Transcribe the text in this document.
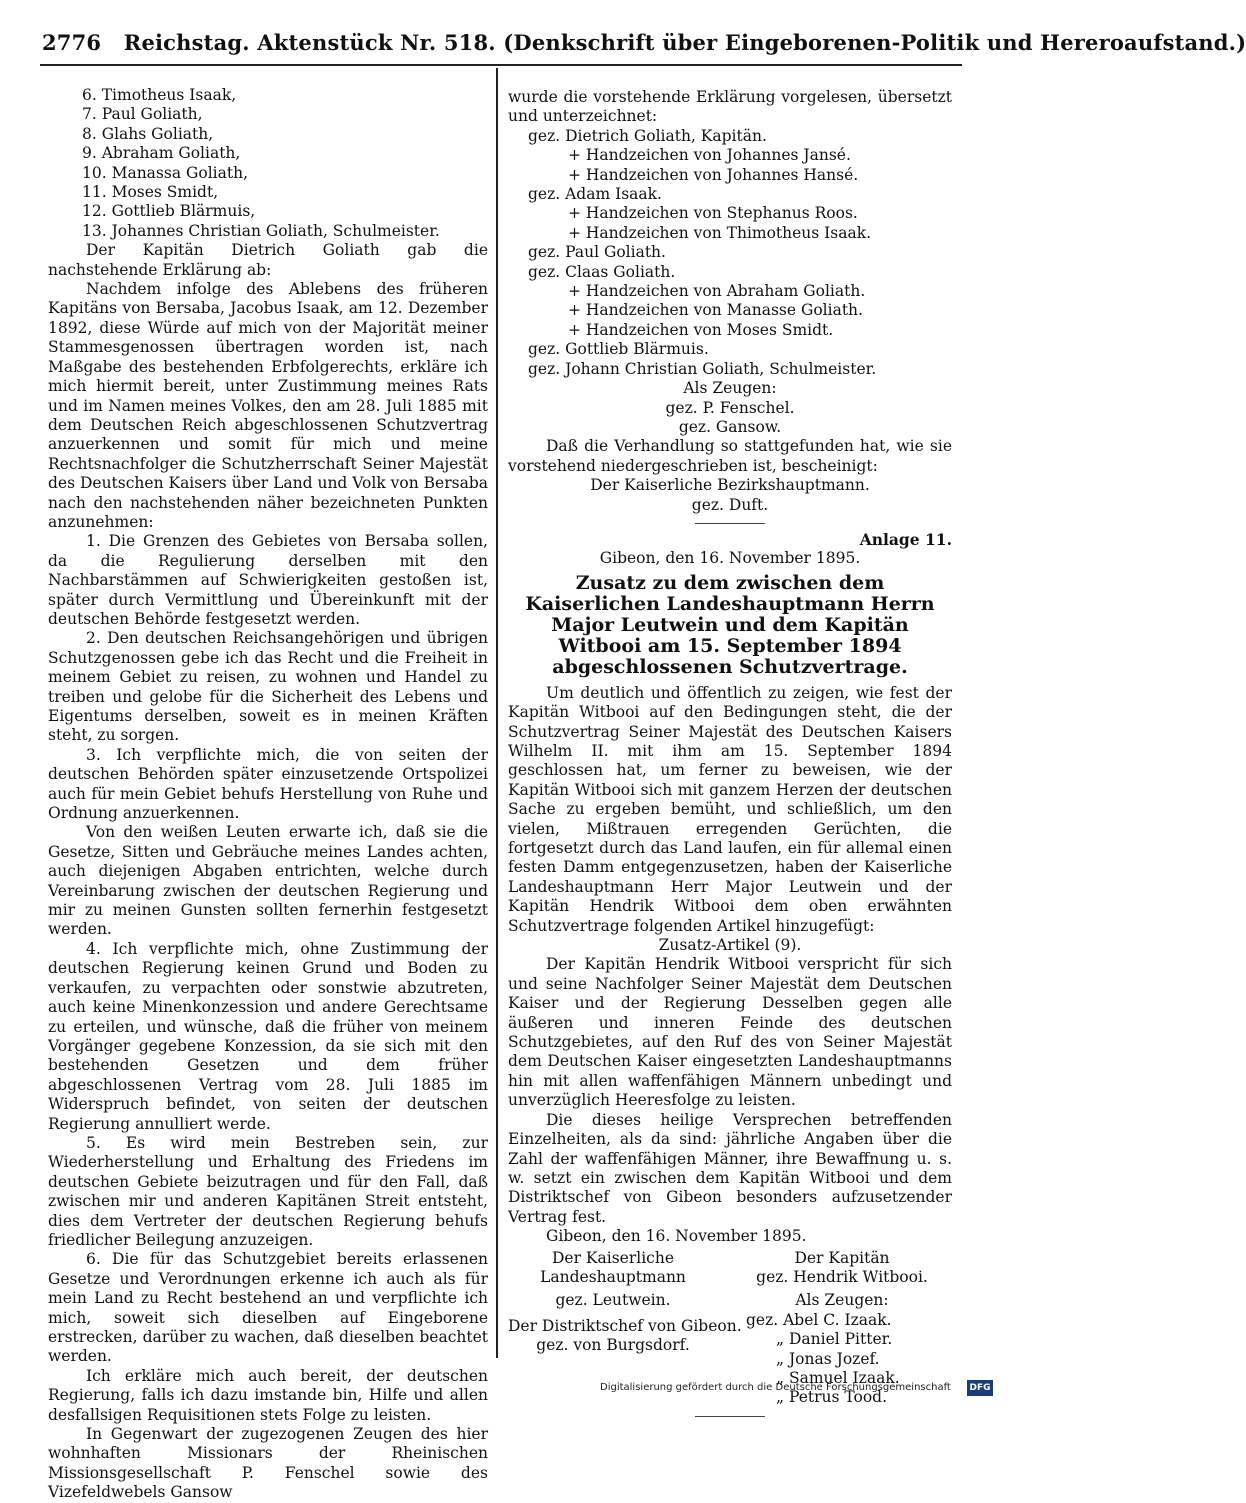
2776 Reichstag. Aktenstück Nr. 518. (Denkschrift über Eingeborenen-Politik und Hereroaufstand.)
6. Timotheus Isaak,
7. Paul Goliath,
8. Glahs Goliath,
9. Abraham Goliath,
10. Manassa Goliath,
11. Moses Smidt,
12. Gottlieb Blärmuis,
13. Johannes Christian Goliath, Schulmeister.

Der Kapitän Dietrich Goliath gab die nachstehende Erklärung ab:

Nachdem infolge des Ablebens des früheren Kapitäns von Bersaba, Jacobus Isaak, am 12. Dezember 1892, diese Würde auf mich von der Majorität meiner Stammesgenossen übertragen worden ist, nach Maßgabe des bestehenden Erbfolgerechts, erkläre ich mich hiermit bereit, unter Zustimmung meines Rats und im Namen meines Volkes, den am 28. Juli 1885 mit dem Deutschen Reich abgeschlossenen Schutzvertrag anzuerkennen und somit für mich und meine Rechtsnachfolger die Schutzherrschaft Seiner Majestät des Deutschen Kaisers über Land und Volk von Bersaba nach den nachstehenden näher bezeichneten Punkten anzunehmen:

1. Die Grenzen des Gebietes von Bersaba sollen, da die Regulierung derselben mit den Nachbarstämmen auf Schwierigkeiten gestoßen ist, später durch Vermittlung und Übereinkunft mit der deutschen Behörde festgesetzt werden.

2. Den deutschen Reichsangehörigen und übrigen Schutzgenossen gebe ich das Recht und die Freiheit in meinem Gebiet zu reisen, zu wohnen und Handel zu treiben und gelobe für die Sicherheit des Lebens und Eigentums derselben, soweit es in meinen Kräften steht, zu sorgen.

3. Ich verpflichte mich, die von seiten der deutschen Behörden später einzusetzende Ortspolizei auch für mein Gebiet behufs Herstellung von Ruhe und Ordnung anzuerkennen.

Von den weißen Leuten erwarte ich, daß sie die Gesetze, Sitten und Gebräuche meines Landes achten, auch diejenigen Abgaben entrichten, welche durch Vereinbarung zwischen der deutschen Regierung und mir zu meinen Gunsten sollten fernerhin festgesetzt werden.

4. Ich verpflichte mich, ohne Zustimmung der deutschen Regierung keinen Grund und Boden zu verkaufen, zu verpachten oder sonstwie abzutreten, auch keine Minenkonzession und andere Gerechtsame zu erteilen, und wünsche, daß die früher von meinem Vorgänger gegebene Konzession, da sie sich mit den bestehenden Gesetzen und dem früher abgeschlossenen Vertrag vom 28. Juli 1885 im Widerspruch befindet, von seiten der deutschen Regierung annulliert werde.

5. Es wird mein Bestreben sein, zur Wiederherstellung und Erhaltung des Friedens im deutschen Gebiete beizutragen und für den Fall, daß zwischen mir und anderen Kapitänen Streit entsteht, dies dem Vertreter der deutschen Regierung behufs friedlicher Beilegung anzuzeigen.

6. Die für das Schutzgebiet bereits erlassenen Gesetze und Verordnungen erkenne ich auch als für mein Land zu Recht bestehend an und verpflichte ich mich, soweit sich dieselben auf Eingeborene erstrecken, darüber zu wachen, daß dieselben beachtet werden.

Ich erkläre mich auch bereit, der deutschen Regierung, falls ich dazu imstande bin, Hilfe und allen desfallsigen Requisitionen stets Folge zu leisten.

In Gegenwart der zugezogenen Zeugen des hier wohnhaften Missionars der Rheinischen Missionsgesellschaft P. Fenschel sowie des Vizefeldwebels Gansow

wurde die vorstehende Erklärung vorgelesen, übersetzt und unterzeichnet:

gez. Dietrich Goliath, Kapitän.
+ Handzeichen von Johannes Jansé.
+ Handzeichen von Johannes Hansé.
gez. Adam Isaak.
+ Handzeichen von Stephanus Roos.
+ Handzeichen von Thimotheus Isaak.
gez. Paul Goliath.
gez. Claas Goliath.
+ Handzeichen von Abraham Goliath.
+ Handzeichen von Manasse Goliath.
+ Handzeichen von Moses Smidt.
gez. Gottlieb Blärmuis.
gez. Johann Christian Goliath, Schulmeister.
Als Zeugen:
gez. P. Fenschel.
gez. Gansow.

Daß die Verhandlung so stattgefunden hat, wie sie vorstehend niedergeschrieben ist, bescheinigt:

Der Kaiserliche Bezirkshauptmann.
gez. Duft.
Anlage 11.
Gibeon, den 16. November 1895.
Zusatz zu dem zwischen dem Kaiserlichen Landeshauptmann Herrn Major Leutwein und dem Kapitän Witbooi am 15. September 1894 abgeschlossenen Schutzvertrage.

Um deutlich und öffentlich zu zeigen, wie fest der Kapitän Witbooi auf den Bedingungen steht, die der Schutzvertrag Seiner Majestät des Deutschen Kaisers Wilhelm II. mit ihm am 15. September 1894 geschlossen hat, um ferner zu beweisen, wie der Kapitän Witbooi sich mit ganzem Herzen der deutschen Sache zu ergeben bemüht, und schließlich, um den vielen, Mißtrauen erregenden Gerüchten, die fortgesetzt durch das Land laufen, ein für allemal einen festen Damm entgegenzusetzen, haben der Kaiserliche Landeshauptmann Herr Major Leutwein und der Kapitän Hendrik Witbooi dem oben erwähnten Schutzvertrage folgenden Artikel hinzugefügt:

Zusatz-Artikel (9).

Der Kapitän Hendrik Witbooi verspricht für sich und seine Nachfolger Seiner Majestät dem Deutschen Kaiser und der Regierung Desselben gegen alle äußeren und inneren Feinde des deutschen Schutzgebietes, auf den Ruf des von Seiner Majestät dem Deutschen Kaiser eingesetzten Landeshauptmanns hin mit allen waffenfähigen Männern unbedingt und unverzüglich Heeresfolge zu leisten.

Die dieses heilige Versprechen betreffenden Einzelheiten, als da sind: jährliche Angaben über die Zahl der waffenfähigen Männer, ihre Bewaffnung u. s. w. setzt ein zwischen dem Kapitän Witbooi und dem Distriktschef von Gibeon besonders aufzusetzender Vertrag fest.

Gibeon, den 16. November 1895.
Der Kaiserliche
Landeshauptmann
gez. Leutwein.
Der Distriktschef von Gibeon.
gez. von Burgsdorf.
Der Kapitän
gez. Hendrik Witbooi.
Als Zeugen:
gez. Abel C. Izaak.
„ Daniel Pitter.
„ Jonas Jozef.
„ Samuel Izaak.
„ Petrus Tood.
Digitalisierung gefördert durch die Deutsche Forschungsgemeinschaft	DFG
